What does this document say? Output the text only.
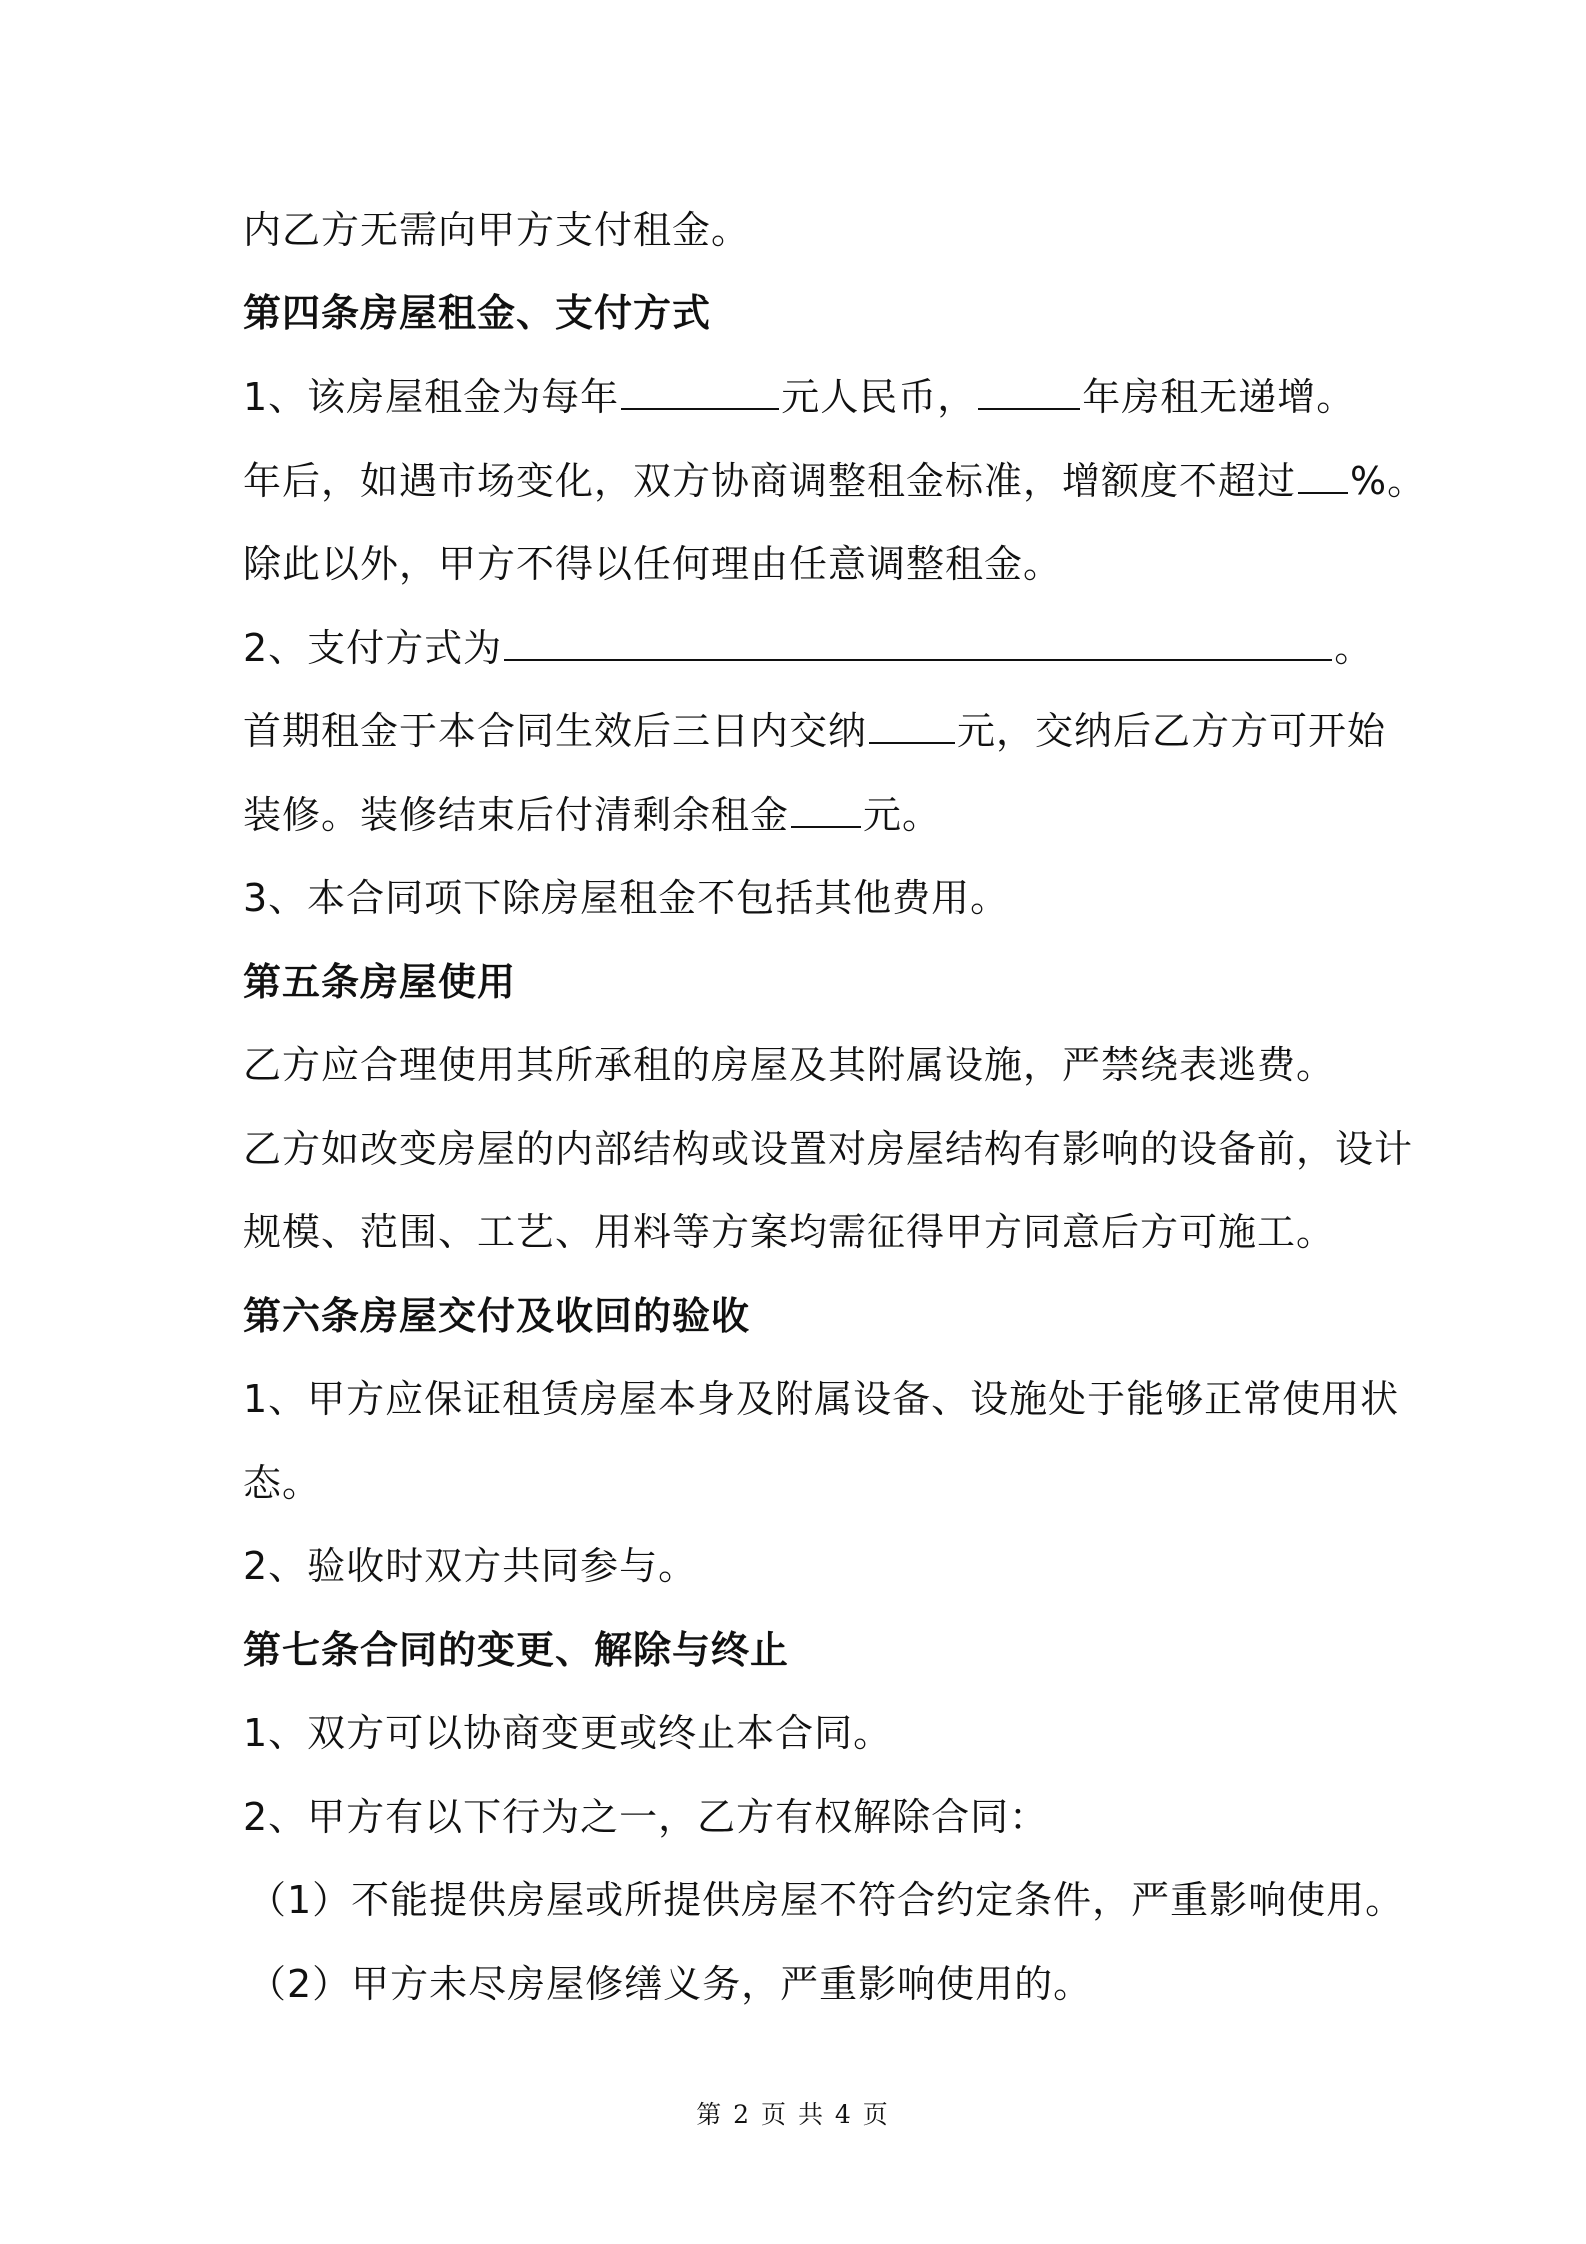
内乙方无需向甲方支付租金。
第四条房屋租金、支付方式
1、该房屋租金为每年	元人民币，	年房租无递增。
年后，如遇市场变化，双方协商调整租金标准，增额度不超过 %。
除此以外，甲方不得以任何理由任意调整租金。
2、支付方式为	。
首期租金于本合同生效后三日内交纳 元，交纳后乙方方可开始
装修。装修结束后付清剩余租金 元。
3、本合同项下除房屋租金不包括其他费用。
第五条房屋使用
乙方应合理使用其所承租的房屋及其附属设施，严禁绕表逃费。
乙方如改变房屋的内部结构或设置对房屋结构有影响的设备前，设计
规模、范围、工艺、用料等方案均需征得甲方同意后方可施工。
第六条房屋交付及收回的验收
1、甲方应保证租赁房屋本身及附属设备、设施处于能够正常使用状
态。
2、验收时双方共同参与。
第七条合同的变更、解除与终止
1、双方可以协商变更或终止本合同。
2、甲方有以下行为之一，乙方有权解除合同：
（1）不能提供房屋或所提供房屋不符合约定条件，严重影响使用。
（2）甲方未尽房屋修缮义务，严重影响使用的。
第 2 页 共 4 页
